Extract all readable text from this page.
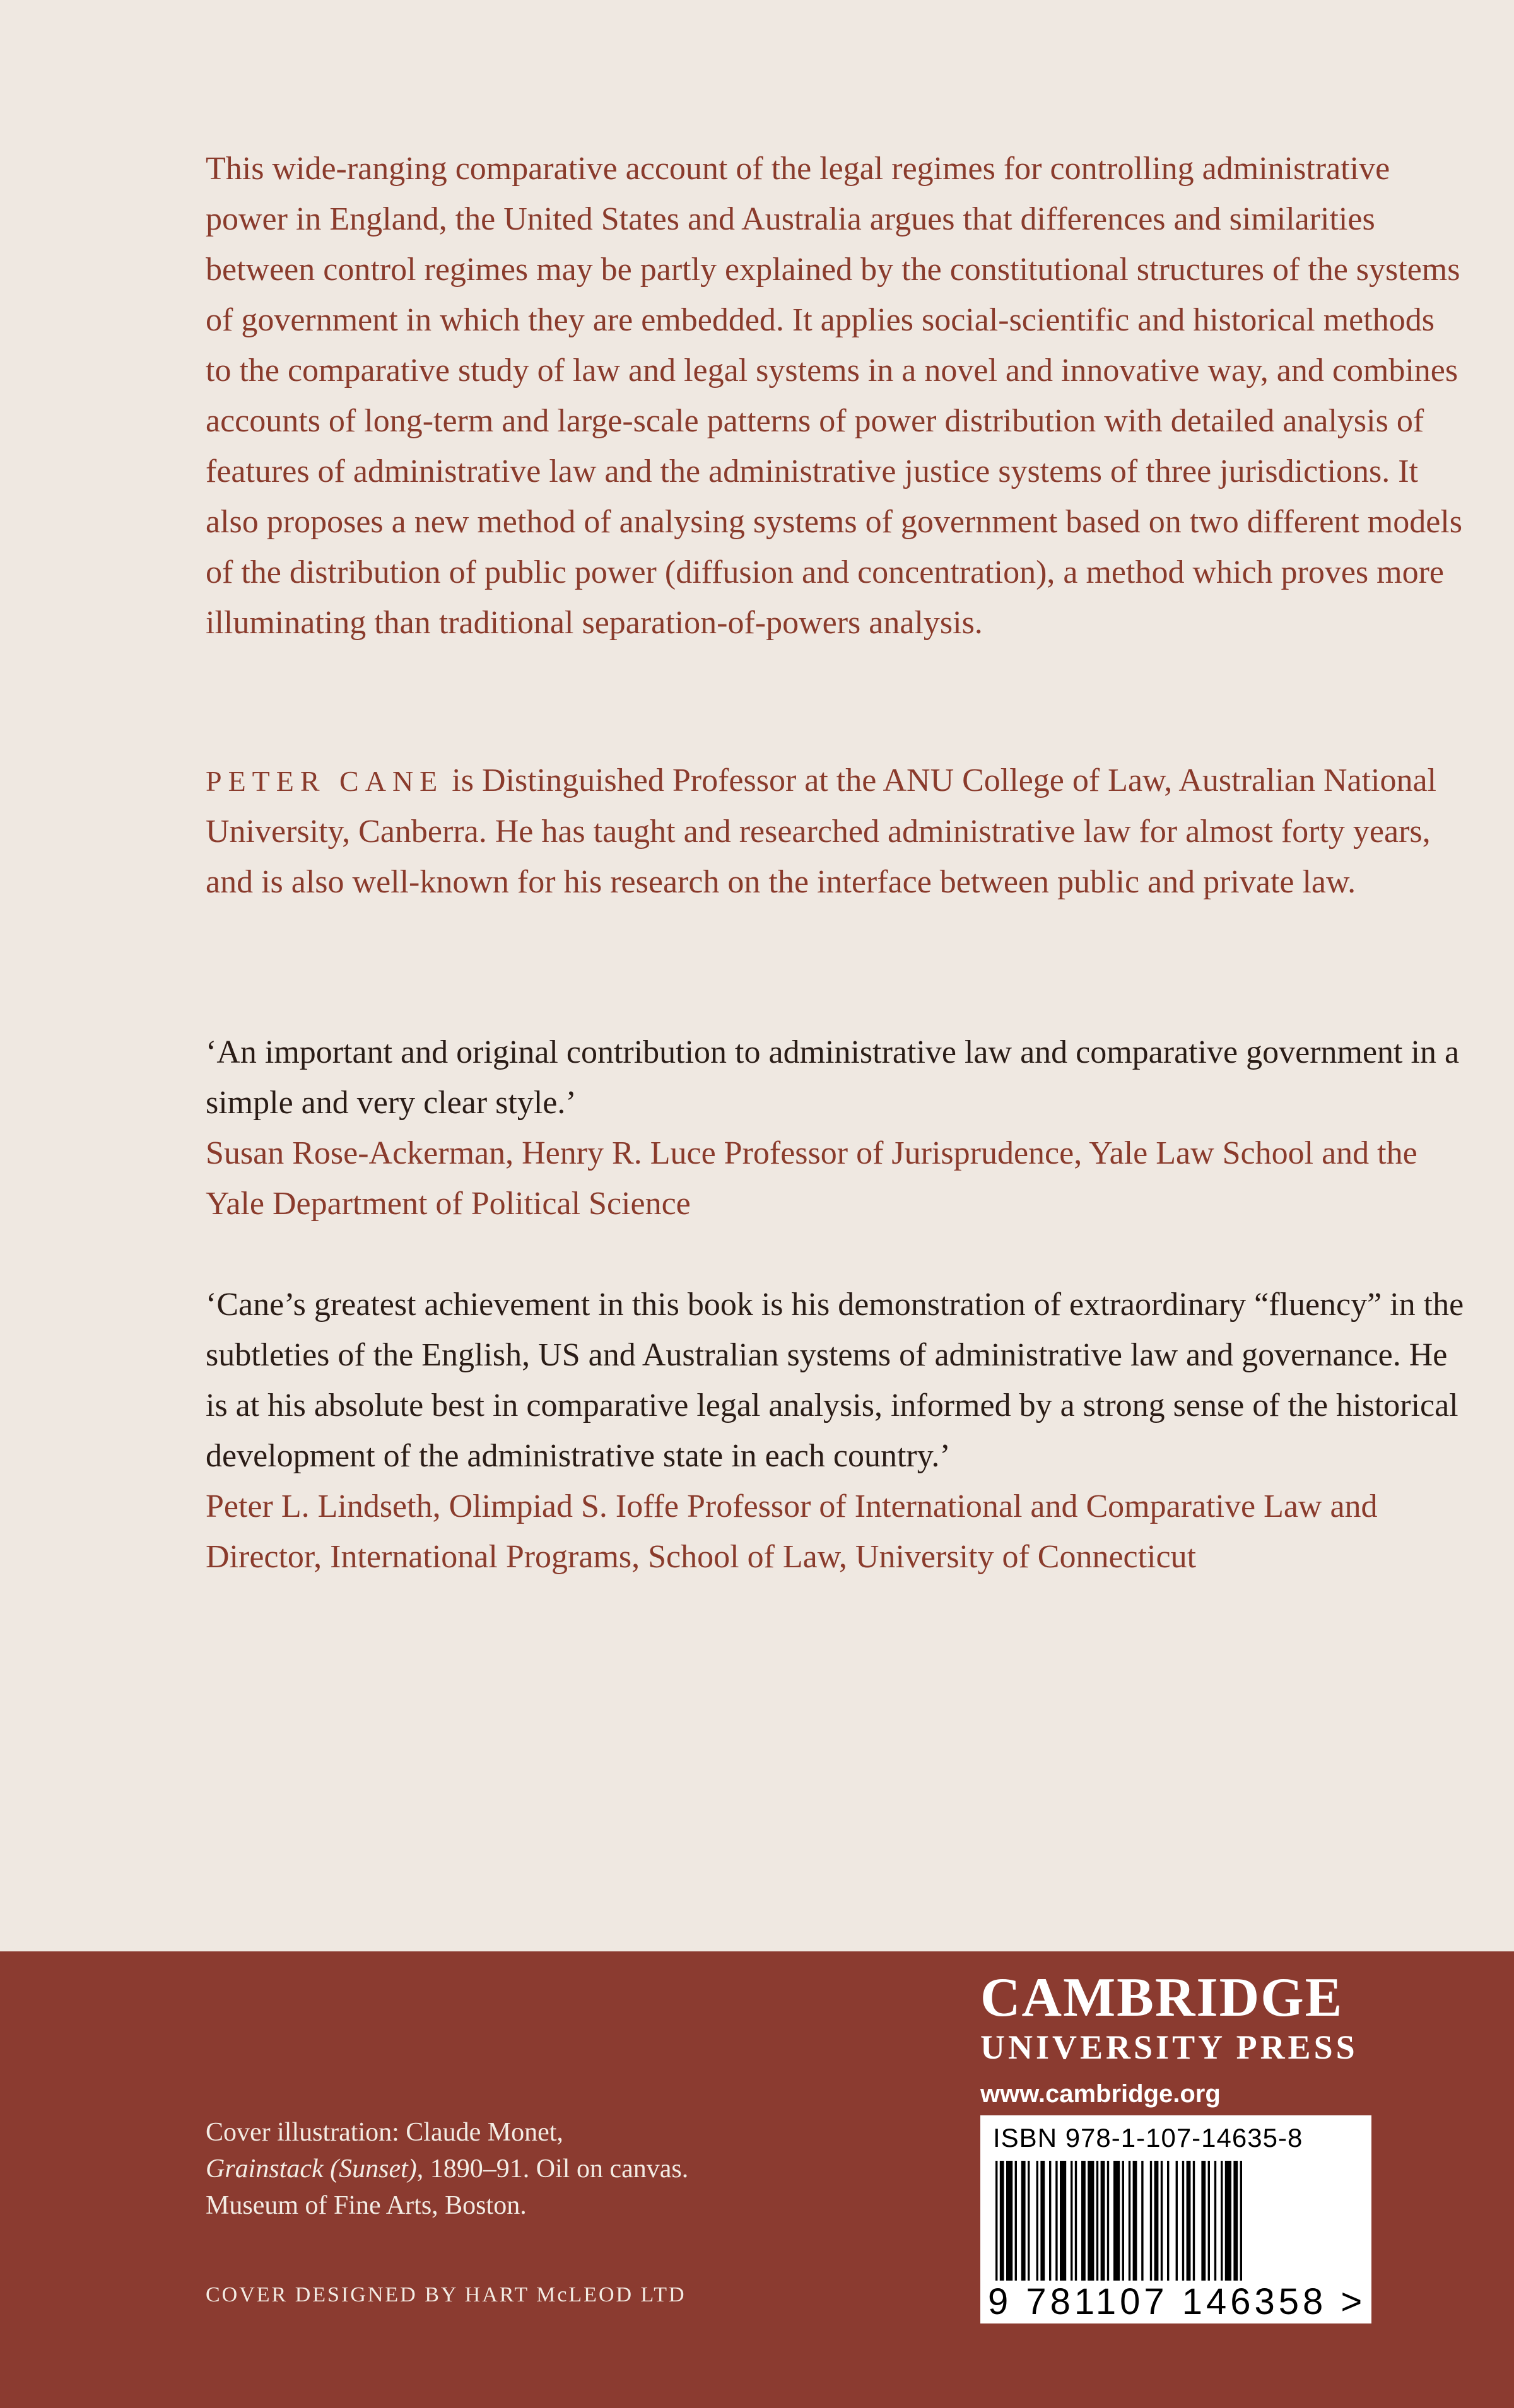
This wide-ranging comparative account of the legal regimes for controlling administrative power in England, the United States and Australia argues that differences and similarities between control regimes may be partly explained by the constitutional structures of the systems of government in which they are embedded. It applies social-scientific and historical methods to the comparative study of law and legal systems in a novel and innovative way, and combines accounts of long-term and large-scale patterns of power distribution with detailed analysis of features of administrative law and the administrative justice systems of three jurisdictions. It also proposes a new method of analysing systems of government based on two different models of the distribution of public power (diffusion and concentration), a method which proves more illuminating than traditional separation-of-powers analysis.

PETER CANE is Distinguished Professor at the ANU College of Law, Australian National University, Canberra. He has taught and researched administrative law for almost forty years, and is also well-known for his research on the interface between public and private law.

‘An important and original contribution to administrative law and comparative government in a simple and very clear style.’

Susan Rose-Ackerman, Henry R. Luce Professor of Jurisprudence, Yale Law School and the Yale Department of Political Science

‘Cane’s greatest achievement in this book is his demonstration of extraordinary “fluency” in the subtleties of the English, US and Australian systems of administrative law and governance. He is at his absolute best in comparative legal analysis, informed by a strong sense of the historical development of the administrative state in each country.’

Peter L. Lindseth, Olimpiad S. Ioffe Professor of International and Comparative Law and Director, International Programs, School of Law, University of Connecticut

Cover illustration: Claude Monet,
Grainstack (Sunset), 1890–91. Oil on canvas. Museum of Fine Arts, Boston.
COVER DESIGNED BY HART McLEOD LTD
CAMBRIDGE
UNIVERSITY PRESS
www.cambridge.org
ISBN 978-1-107-14635-8
9 781107 146358 >
